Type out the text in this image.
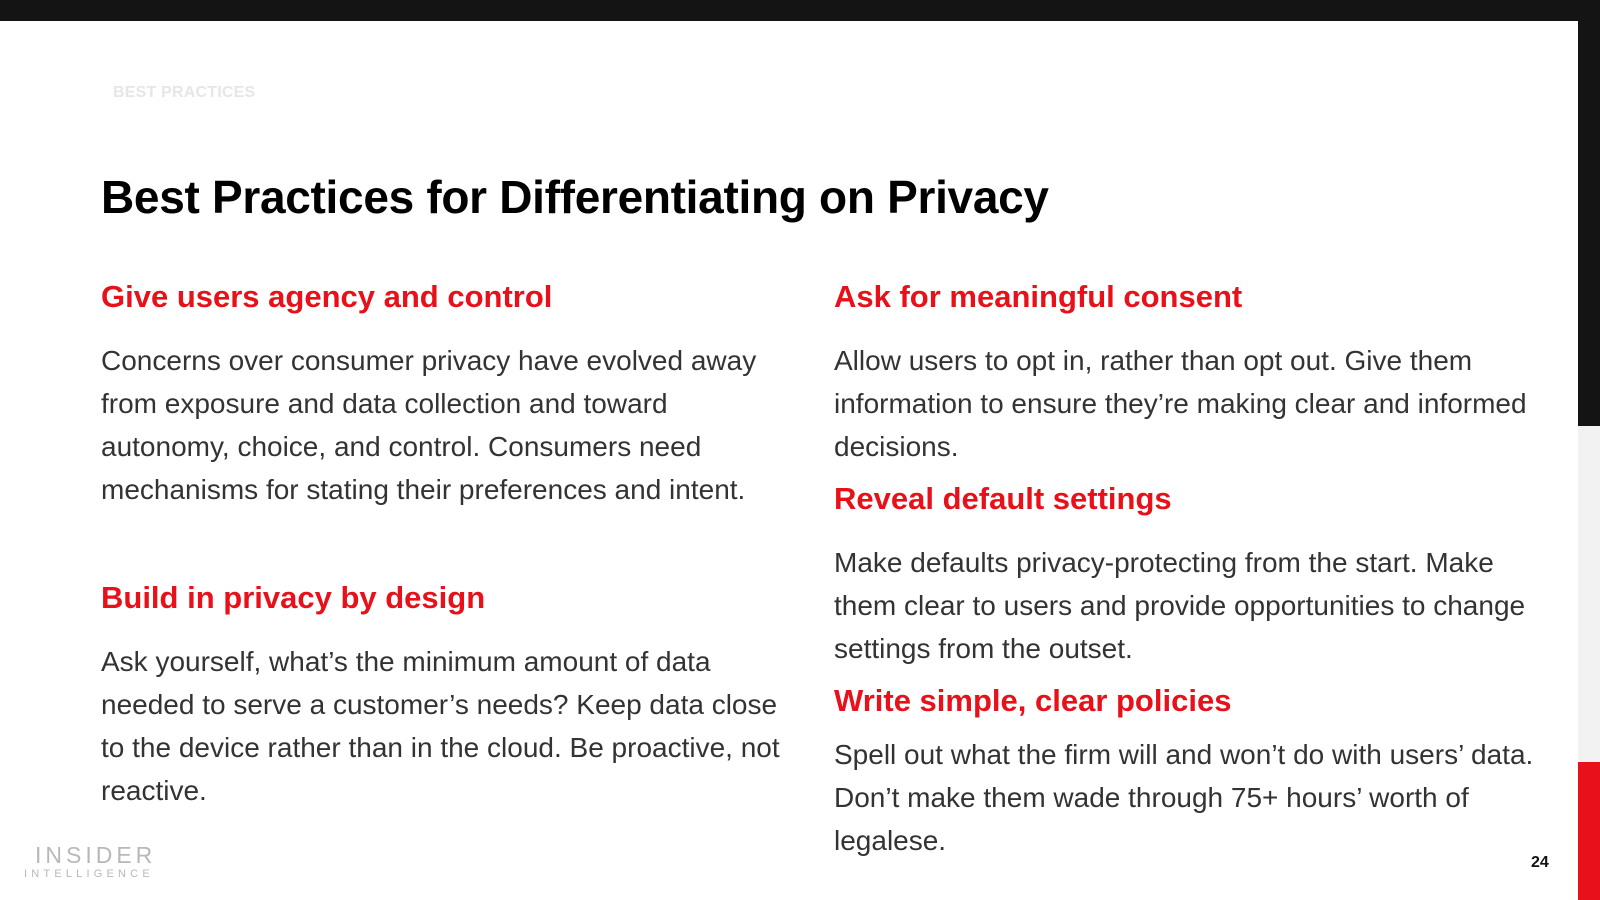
BEST PRACTICES
Best Practices for Differentiating on Privacy
Give users agency and control

Concerns over consumer privacy have evolved away from exposure and data collection and toward autonomy, choice, and control. Consumers need mechanisms for stating their preferences and intent.

Build in privacy by design

Ask yourself, what’s the minimum amount of data needed to serve a customer’s needs? Keep data close to the device rather than in the cloud. Be proactive, not reactive.

Ask for meaningful consent

Allow users to opt in, rather than opt out. Give them information to ensure they’re making clear and informed decisions.

Reveal default settings

Make defaults privacy-protecting from the start. Make them clear to users and provide opportunities to change settings from the outset.

Write simple, clear policies

Spell out what the firm will and won’t do with users’ data. Don’t make them wade through 75+ hours’ worth of legalese.

INSIDER
INTELLIGENCE
24
